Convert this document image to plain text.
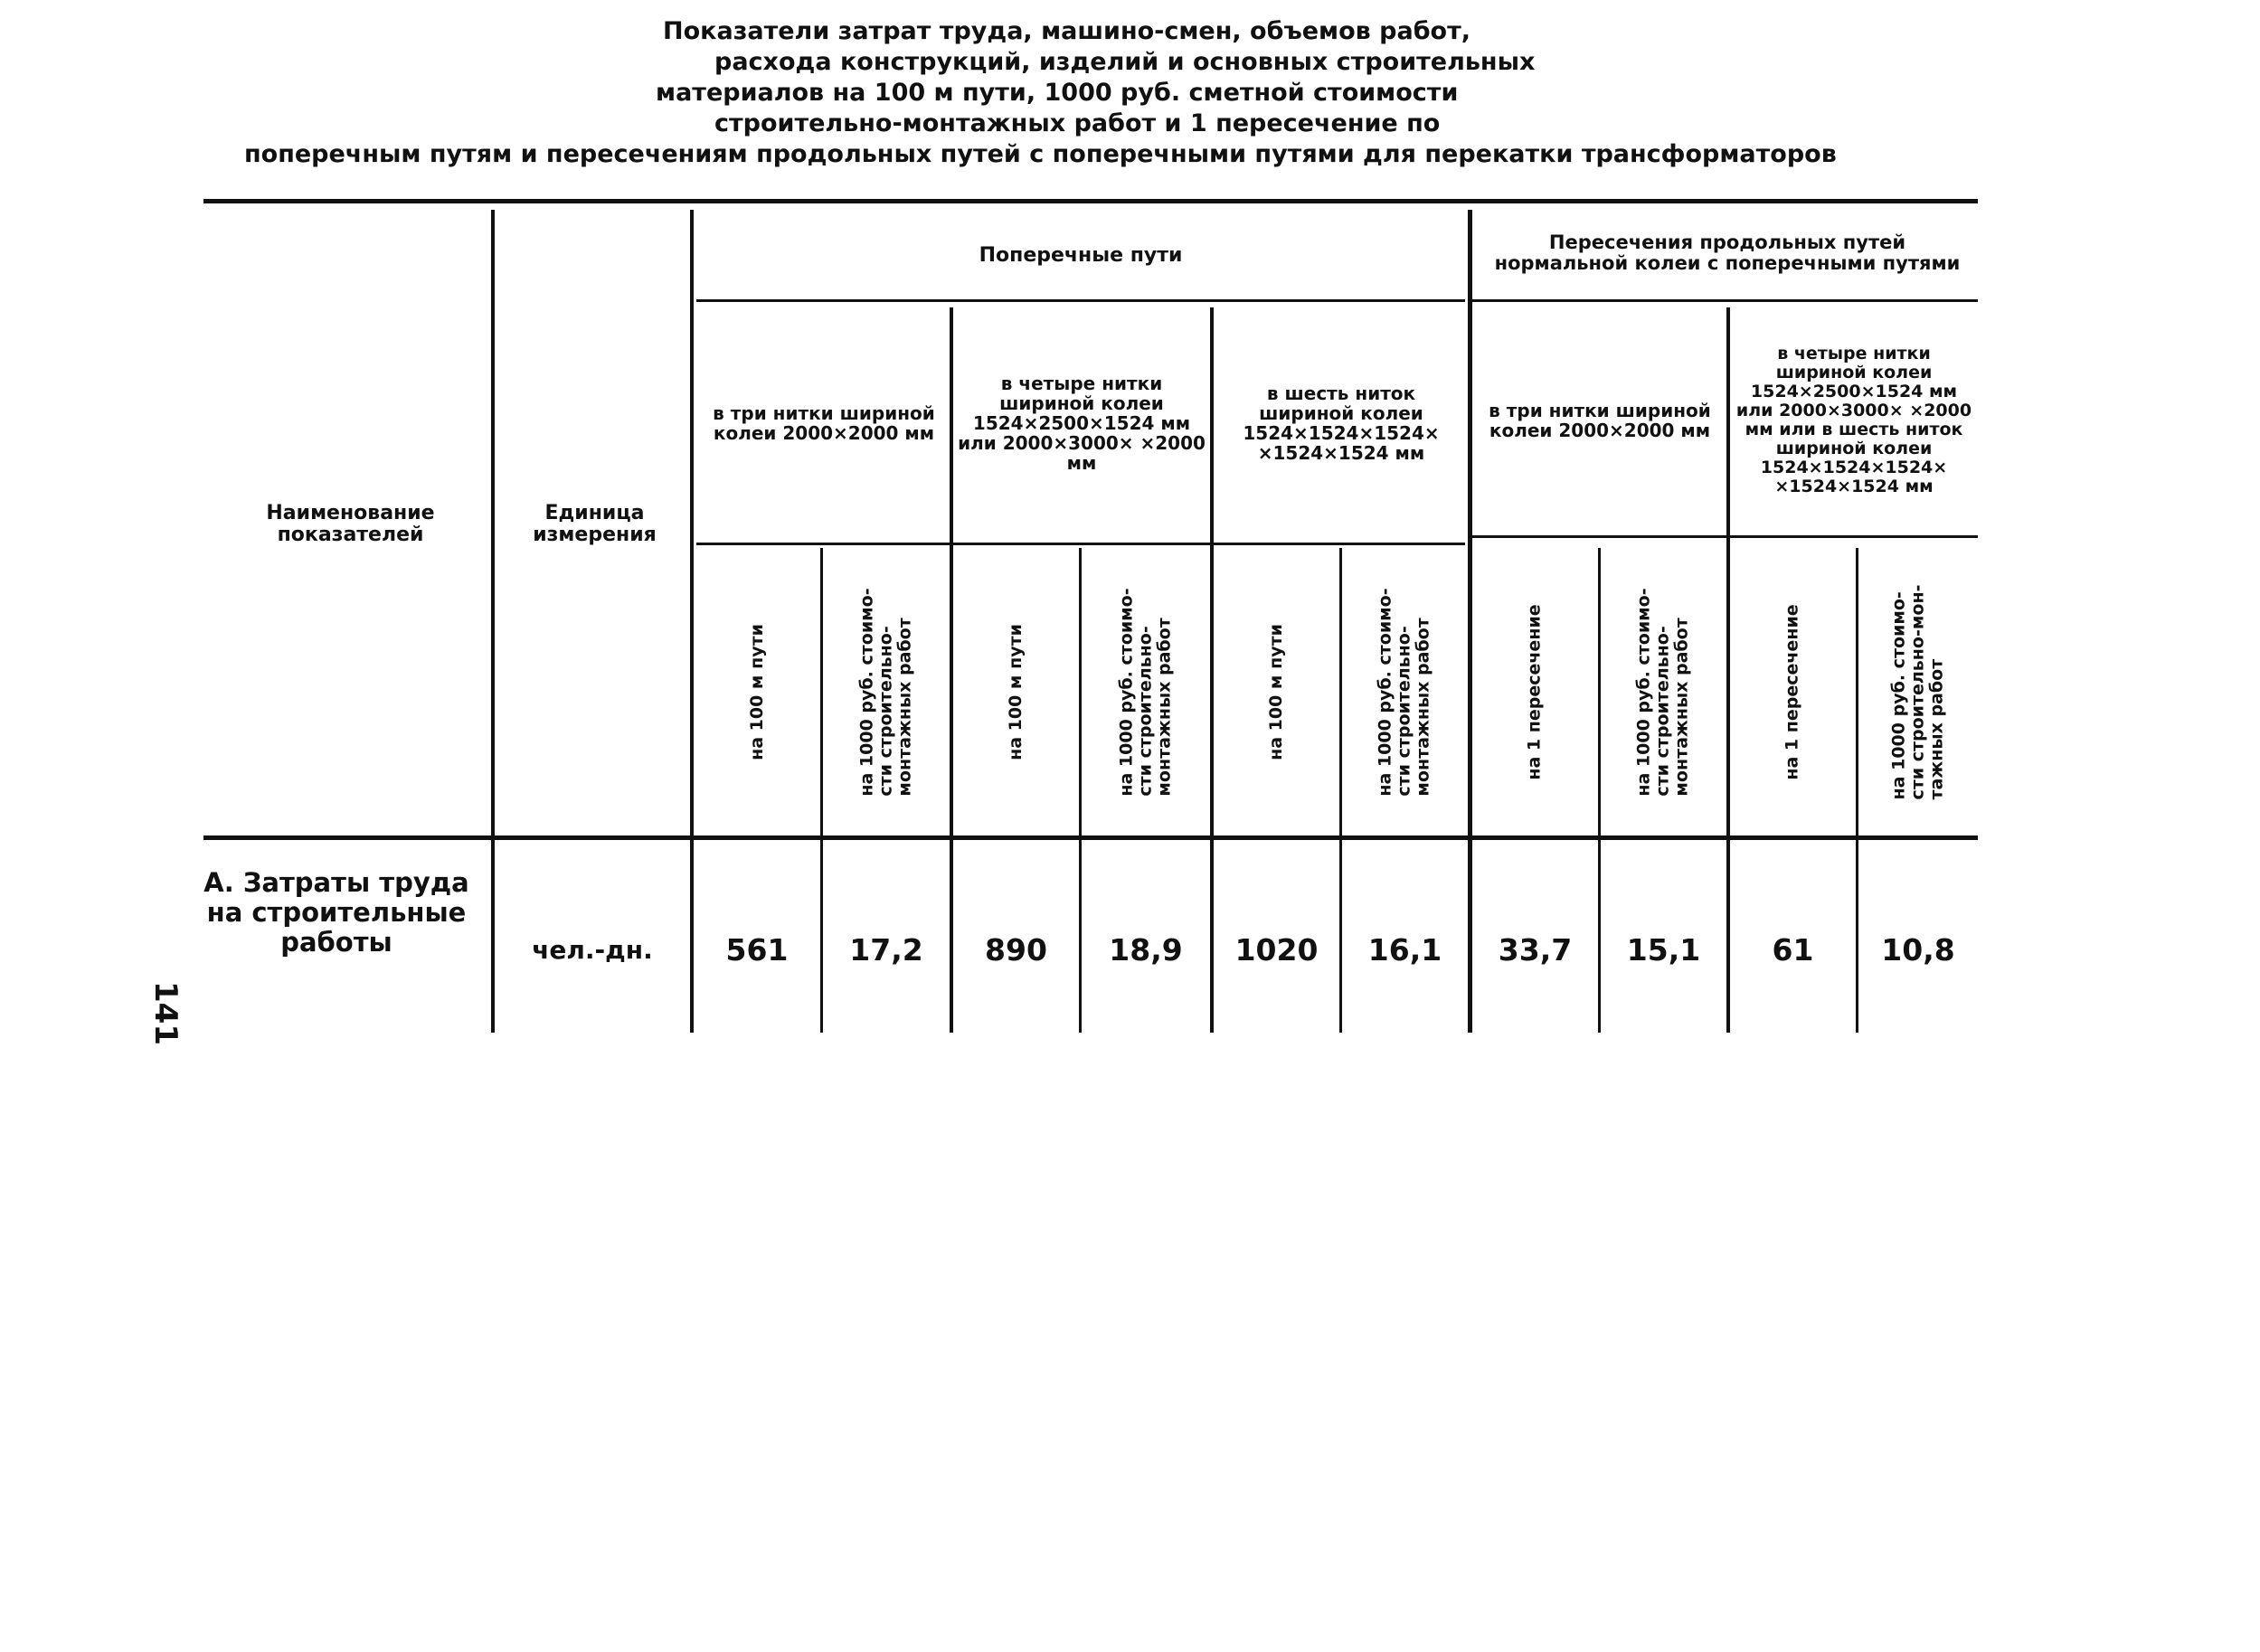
Показатели затрат труда, машино-смен, объемов работ,
расхода конструкций, изделий и основных строительных
материалов на 100 м пути, 1000 руб. сметной стоимости
строительно-монтажных работ и 1 пересечение по
поперечным путям и пересечениям продольных путей с поперечными путями для перекатки трансформаторов
141
Наименование показателей
Единица измерения
Поперечные пути
Пересечения продольных путей нормальной колеи с поперечными путями
в три нитки шириной колеи 2000×2000 мм
в четыре нитки шириной колеи 1524×2500×1524 мм или 2000×3000× ×2000 мм
в шесть ниток шириной колеи 1524×1524×1524× ×1524×1524 мм
в три нитки шириной колеи 2000×2000 мм
в четыре нитки шириной колеи 1524×2500×1524 мм или 2000×3000× ×2000 мм или в шесть ниток шириной колеи 1524×1524×1524× ×1524×1524 мм
на 100 м пути	на 1000 руб. стоимо- сти строительно- монтажных работ	на 100 м пути	на 1000 руб. стоимо- сти строительно- монтажных работ	на 100 м пути	на 1000 руб. стоимо- сти строительно- монтажных работ	на 1 пересечение	на 1000 руб. стоимо- сти строительно- монтажных работ	на 1 пересечение	на 1000 руб. стоимо- сти строительно-мон- тажных работ
А. Затраты труда на строительные работы	чел.-дн.	561	17,2	890	18,9	1020	16,1	33,7	15,1	61	10,8
